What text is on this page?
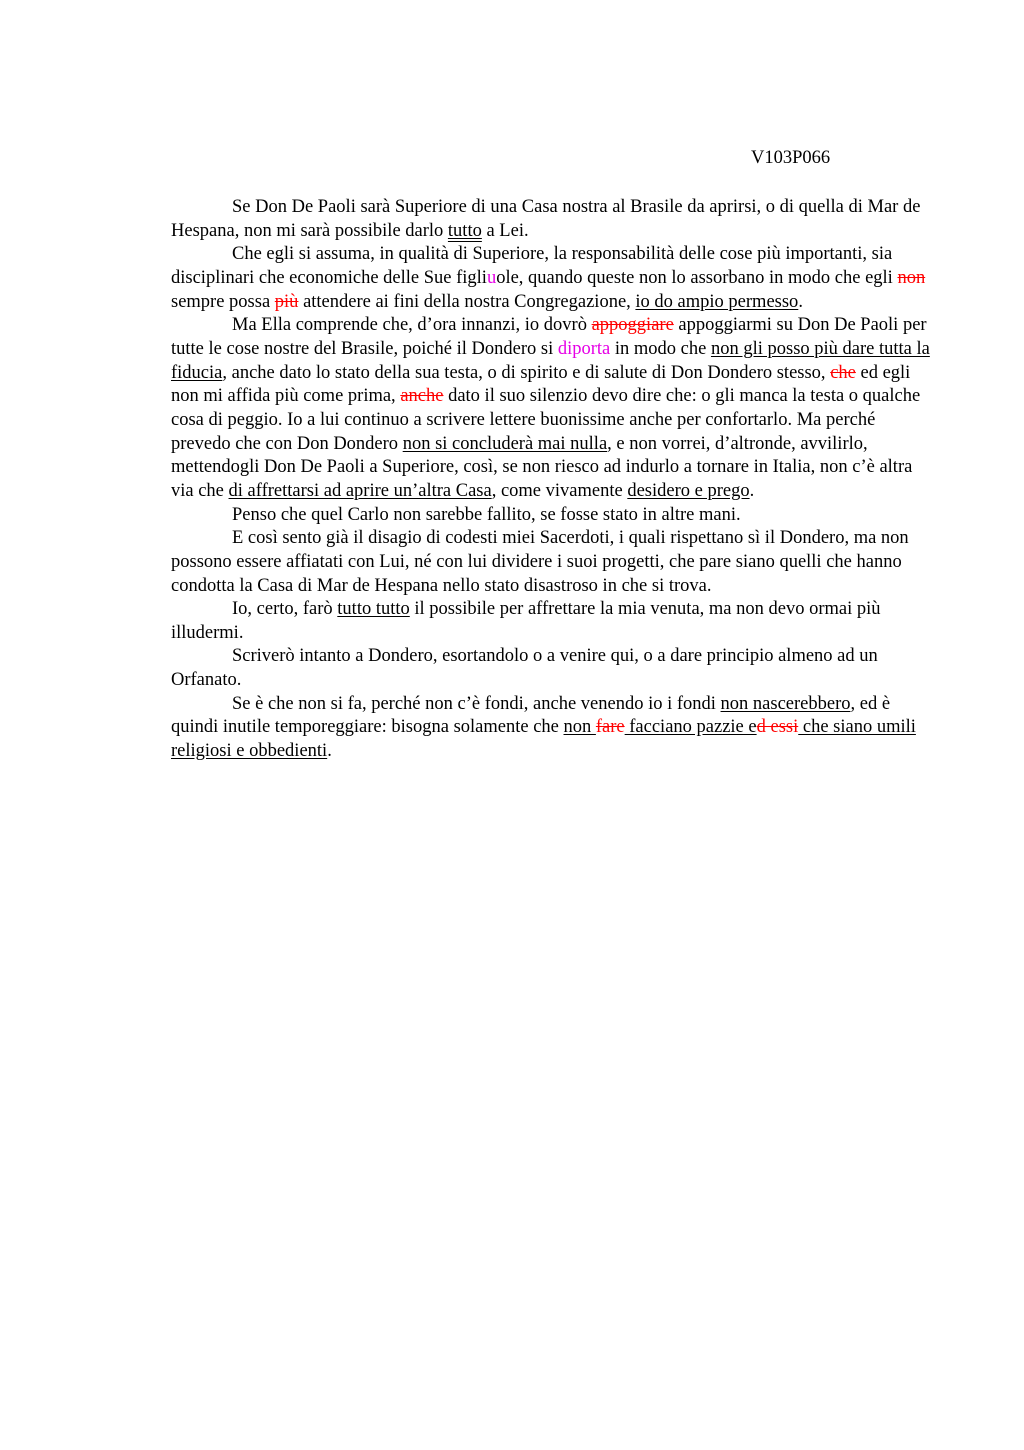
V103P066

Se Don De Paoli sarà Superiore di una Casa nostra al Brasile da aprirsi, o di quella di Mar de Hespana, non mi sarà possibile darlo tutto a Lei.

Che egli si assuma, in qualità di Superiore, la responsabilità delle cose più importanti, sia disciplinari che economiche delle Sue figliuole, quando queste non lo assorbano in modo che egli non sempre possa più attendere ai fini della nostra Congregazione, io do ampio permesso.

Ma Ella comprende che, d’ora innanzi, io dovrò appoggiare appoggiarmi su Don De Paoli per tutte le cose nostre del Brasile, poiché il Dondero si diporta in modo che non gli posso più dare tutta la fiducia, anche dato lo stato della sua testa, o di spirito e di salute di Don Dondero stesso, che ed egli non mi affida più come prima, anche dato il suo silenzio devo dire che: o gli manca la testa o qualche cosa di peggio. Io a lui continuo a scrivere lettere buonissime anche per confortarlo. Ma perché prevedo che con Don Dondero non si concluderà mai nulla, e non vorrei, d’altronde, avvilirlo, mettendogli Don De Paoli a Superiore, così, se non riesco ad indurlo a tornare in Italia, non c’è altra via che di affrettarsi ad aprire un’altra Casa, come vivamente desidero e prego.

Penso che quel Carlo non sarebbe fallito, se fosse stato in altre mani.

E così sento già il disagio di codesti miei Sacerdoti, i quali rispettano sì il Dondero, ma non possono essere affiatati con Lui, né con lui dividere i suoi progetti, che pare siano quelli che hanno condotta la Casa di Mar de Hespana nello stato disastroso in che si trova.

Io, certo, farò tutto tutto il possibile per affrettare la mia venuta, ma non devo ormai più illudermi.

Scriverò intanto a Dondero, esortandolo o a venire qui, o a dare principio almeno ad un Orfanato.

Se è che non si fa, perché non c’è fondi, anche venendo io i fondi non nascerebbero, ed è quindi inutile temporeggiare: bisogna solamente che non fare facciano pazzie ed essi che siano umili religiosi e obbedienti.
